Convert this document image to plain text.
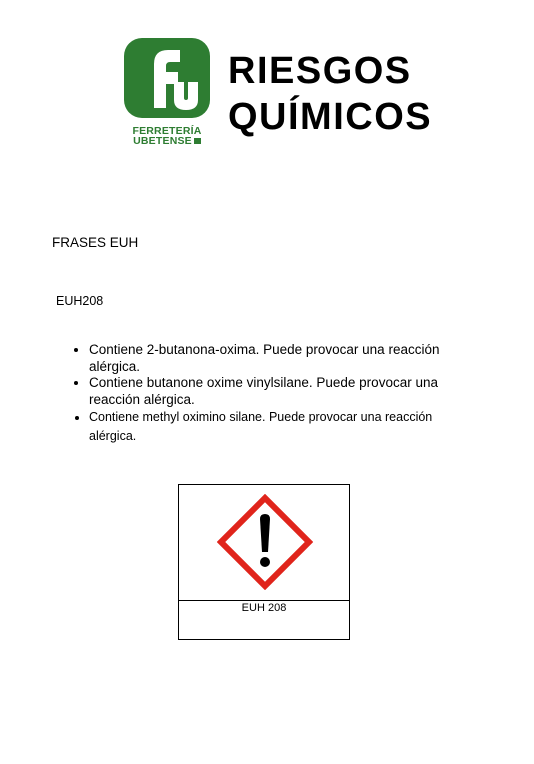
FERRETERÍA
UBETENSE
RIESGOS
QUÍMICOS
FRASES EUH
EUH208
• Contiene 2-butanona-oxima. Puede provocar una reacción alérgica.
• Contiene butanone oxime vinylsilane. Puede provocar una reacción alérgica.
• Contiene methyl oximino silane. Puede provocar una reacción alérgica.
EUH 208
